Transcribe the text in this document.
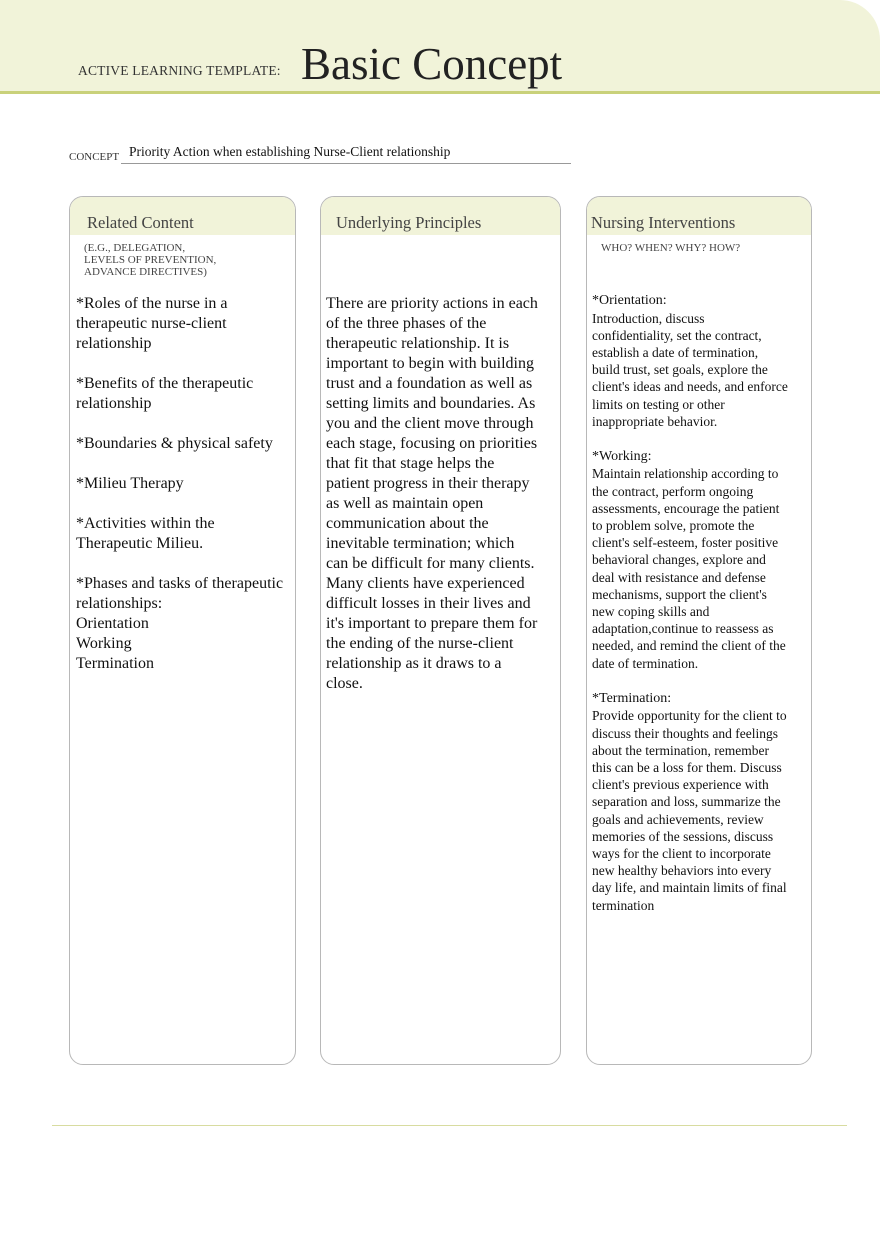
ACTIVE LEARNING TEMPLATE: Basic Concept
CONCEPT Priority Action when establishing Nurse-Client relationship
Related Content
(E.G., DELEGATION,
LEVELS OF PREVENTION,
ADVANCE DIRECTIVES)

*Roles of the nurse in a therapeutic nurse-client relationship

*Benefits of the therapeutic relationship

*Boundaries & physical safety

*Milieu Therapy

*Activities within the Therapeutic Milieu.

*Phases and tasks of therapeutic relationships:
Orientation
Working
Termination
Underlying Principles
There are priority actions in each of the three phases of the therapeutic relationship. It is important to begin with building trust and a foundation as well as setting limits and boundaries. As you and the client move through each stage, focusing on priorities that fit that stage helps the patient progress in their therapy as well as maintain open communication about the inevitable termination; which can be difficult for many clients. Many clients have experienced difficult losses in their lives and it's important to prepare them for the ending of the nurse-client relationship as it draws to a close.
Nursing Interventions
WHO? WHEN? WHY? HOW?

*Orientation:
Introduction, discuss confidentiality, set the contract, establish a date of termination, build trust, set goals, explore the client's ideas and needs, and enforce limits on testing or other inappropriate behavior.

*Working:
Maintain relationship according to the contract, perform ongoing assessments, encourage the patient to problem solve, promote the client's self-esteem, foster positive behavioral changes, explore and deal with resistance and defense mechanisms, support the client's new coping skills and adaptation,continue to reassess as needed, and remind the client of the date of termination.

*Termination:
Provide opportunity for the client to discuss their thoughts and feelings about the termination, remember this can be a loss for them. Discuss client's previous experience with separation and loss, summarize the goals and achievements, review memories of the sessions, discuss ways for the client to incorporate new healthy behaviors into every day life, and maintain limits of final termination
